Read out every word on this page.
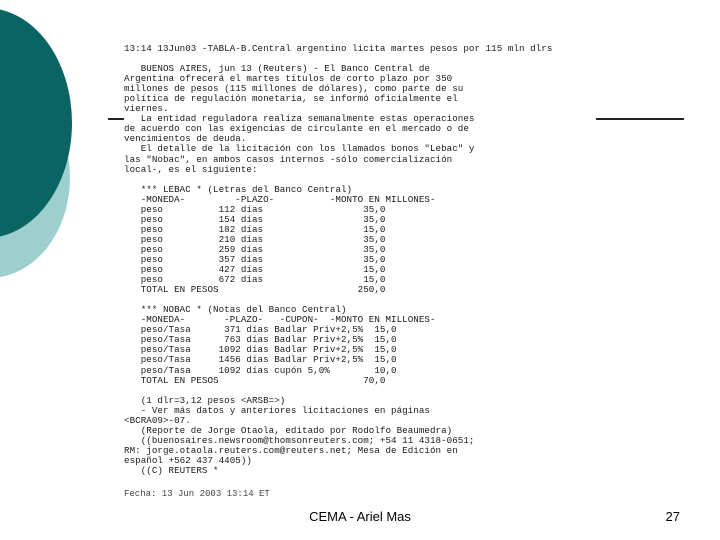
13:14 13Jun03 -TABLA-B.Central argentino licita martes pesos por 115 mln dlrs
BUENOS AIRES, jun 13 (Reuters) - El Banco Central de
Argentina ofrecerá el martes títulos de corto plazo por 350
millones de pesos (115 millones de dólares), como parte de su
política de regulación monetaria, se informó oficialmente el
viernes.
La entidad reguladora realiza semanalmente estas operaciones
de acuerdo con las exigencias de circulante en el mercado o de
vencimientos de deuda.
El detalle de la licitación con los llamados bonos "Lebac" y
las "Nobac", en ambos casos internos -sólo comercialización
local-, es el siguiente:
*** LEBAC * (Letras del Banco Central)
-MONEDA-         -PLAZO-          -MONTO EN MILLONES-
peso          112 días                  35,0
peso          154 días                  35,0
peso          182 días                  15,0
peso          210 días                  35,0
peso          259 días                  35,0
peso          357 días                  35,0
peso          427 días                  15,0
peso          672 días                  15,0
TOTAL EN PESOS                         250,0
*** NOBAC * (Notas del Banco Central)
-MONEDA-       -PLAZO-   -CUPON-  -MONTO EN MILLONES-
peso/Tasa      371 días Badlar Priv+2,5%  15,0
peso/Tasa      763 días Badlar Priv+2,5%  15,0
peso/Tasa     1092 días Badlar Priv+2,5%  15,0
peso/Tasa     1456 días Badlar Priv+2,5%  15,0
peso/Tasa     1092 días cupón 5,0%        10,0
TOTAL EN PESOS                          70,0
(1 dlr=3,12 pesos <ARSB=>)
- Ver más datos y anteriores licitaciones en páginas
<BCRA09>-07.
(Reporte de Jorge Otaola, editado por Rodolfo Beaumedra)
((buenosaires.newsroom@thomsonreuters.com; +54 11 4318-0651;
RM: jorge.otaola.reuters.com@reuters.net; Mesa de Edición en
español +562 437 4405))
((C) REUTERS *
Fecha: 13 Jun 2003 13:14 ET
CEMA - Ariel Mas	27
